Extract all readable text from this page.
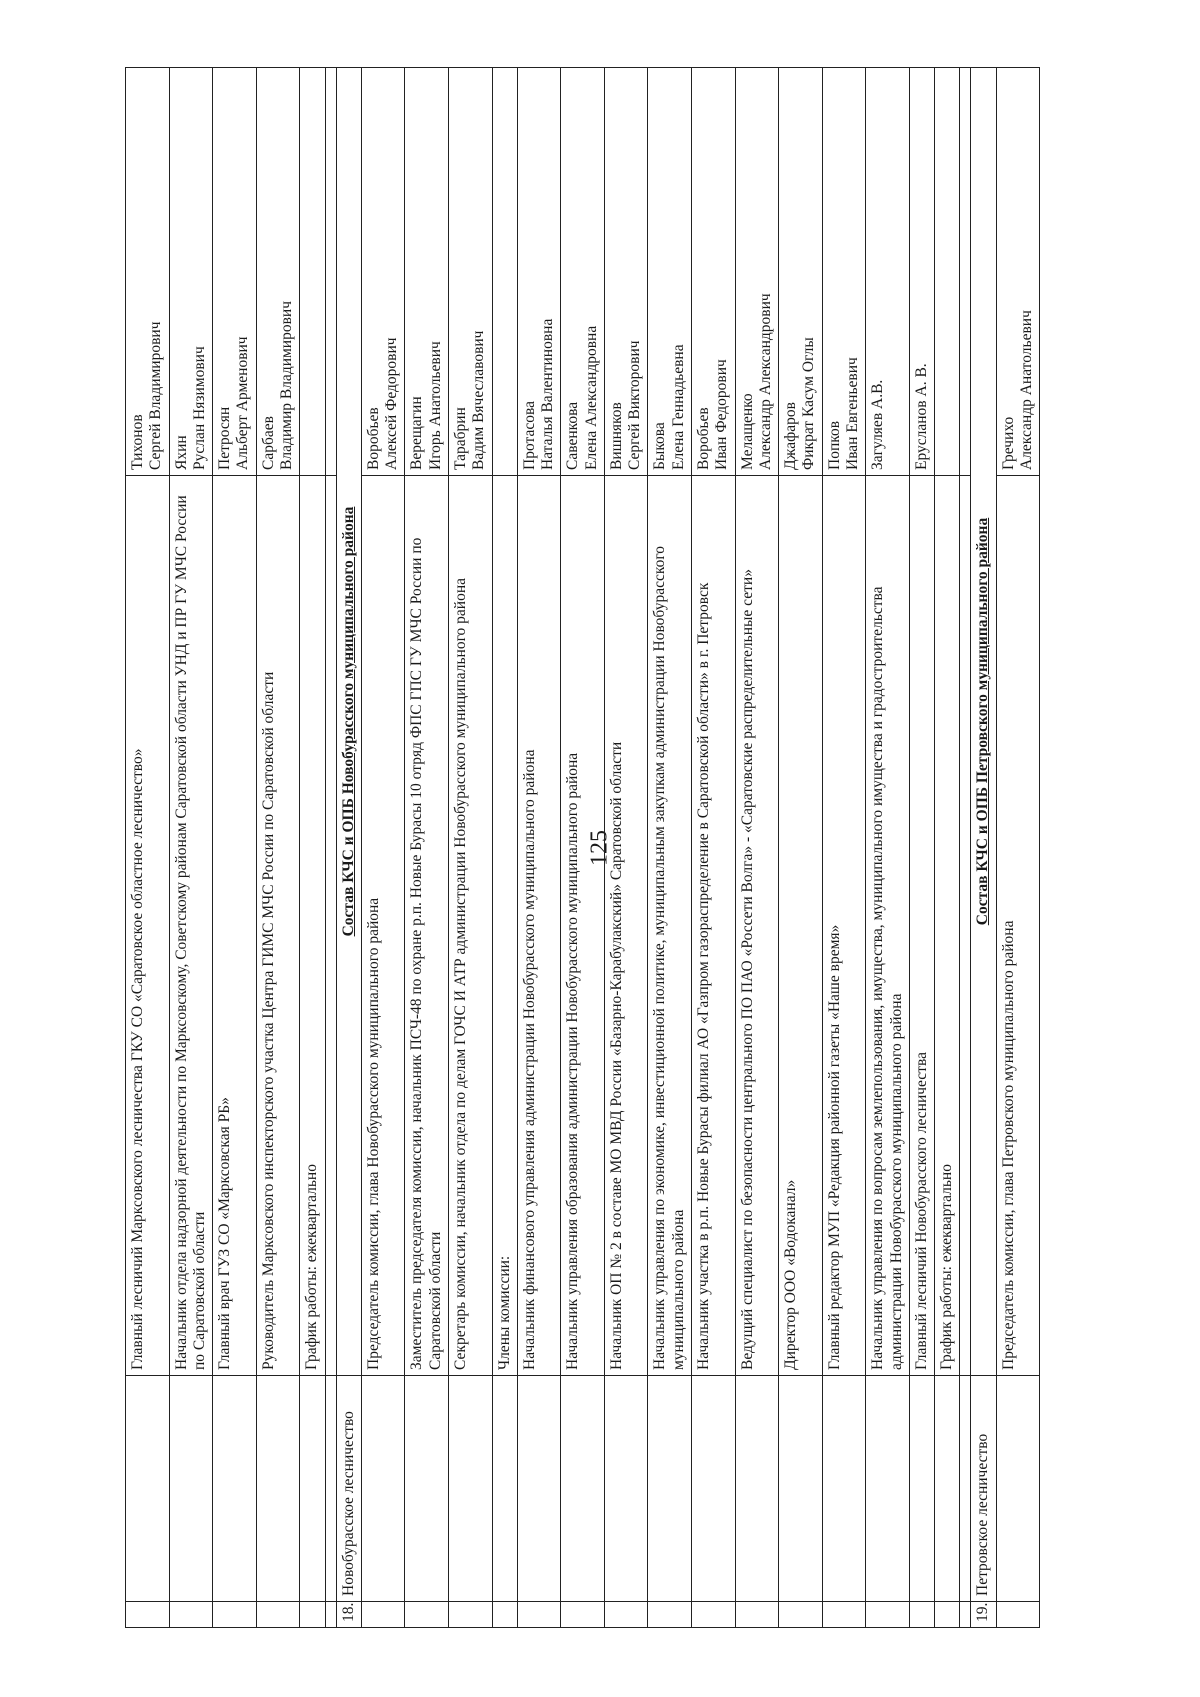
125
		Главный лесничий Марксовского лесничества ГКУ СО «Саратовское областное лесничество»	Тихонов Сергей Владимирович

		Начальник отдела надзорной деятельности по Марксовскому, Советскому районам Саратовской области УНД и ПР ГУ МЧС России по Саратовской области	Яхин Руслан Нязимович

		Главный врач ГУЗ СО «Марксовская РБ»	Петросян Альберт Арменович

		Руководитель Марксовского инспекторского участка Центра ГИМС МЧС России по Саратовской области	Сарбаев Владимир Владимирович

		График работы: ежеквартально	

18.	Новобурасское лесничество	Состав КЧС и ОПБ Новобурасского муниципального района	
		Председатель комиссии, глава Новобурасского муниципального района	Воробьев Алексей Федорович

		Заместитель председателя комиссии, начальник ПСЧ-48 по охране р.п. Новые Бурасы 10 отряд ФПС ГПС ГУ МЧС России по Саратовской области	Верещагин Игорь Анатольевич

		Секретарь комиссии, начальник отдела по делам ГОЧС И АТР администрации Новобурасского муниципального района	Тарабрин Вадим Вячеславович

		Члены комиссии:	
		Начальник финансового управления администрации Новобурасского муниципального района	Протасова Наталья Валентиновна

		Начальник управления образования администрации Новобурасского муниципального района	Савенкова Елена Александровна

		Начальник ОП № 2 в составе МО МВД России «Базарно-Карабулакский» Саратовской области	Вишняков Сергей Викторович

		Начальник управления по экономике, инвестиционной политике, муниципальным закупкам администрации Новобурасского муниципального района	Быкова Елена Геннадьевна

		Начальник участка в р.п. Новые Бурасы филиал АО «Газпром газораспределение в Саратовской области» в г. Петровск	Воробьев Иван Федорович

		Ведущий специалист по безопасности центрального ПО ПАО «Россети Волга» - «Саратовские распределительные сети»	Мелащенко Александр Александрович

		Директор ООО «Водоканал»	Джафаров Фикрат Касум Оглы

		Главный редактор МУП «Редакция районной газеты «Наше время»	Попков Иван Евгеньевич

		Начальник управления по вопросам землепользования, имущества, муниципального имущества и градостроительства администрации Новобурасского муниципального района	Загуляев А.В.

		Главный лесничий Новобурасского лесничества	Еруcланов А. В.

		График работы: ежеквартально	

19.	Петровское лесничество	Состав КЧС и ОПБ Петровского муниципального района	
		Председатель комиссии, глава Петровского муниципального района	Гречихо Александр Анатольевич
